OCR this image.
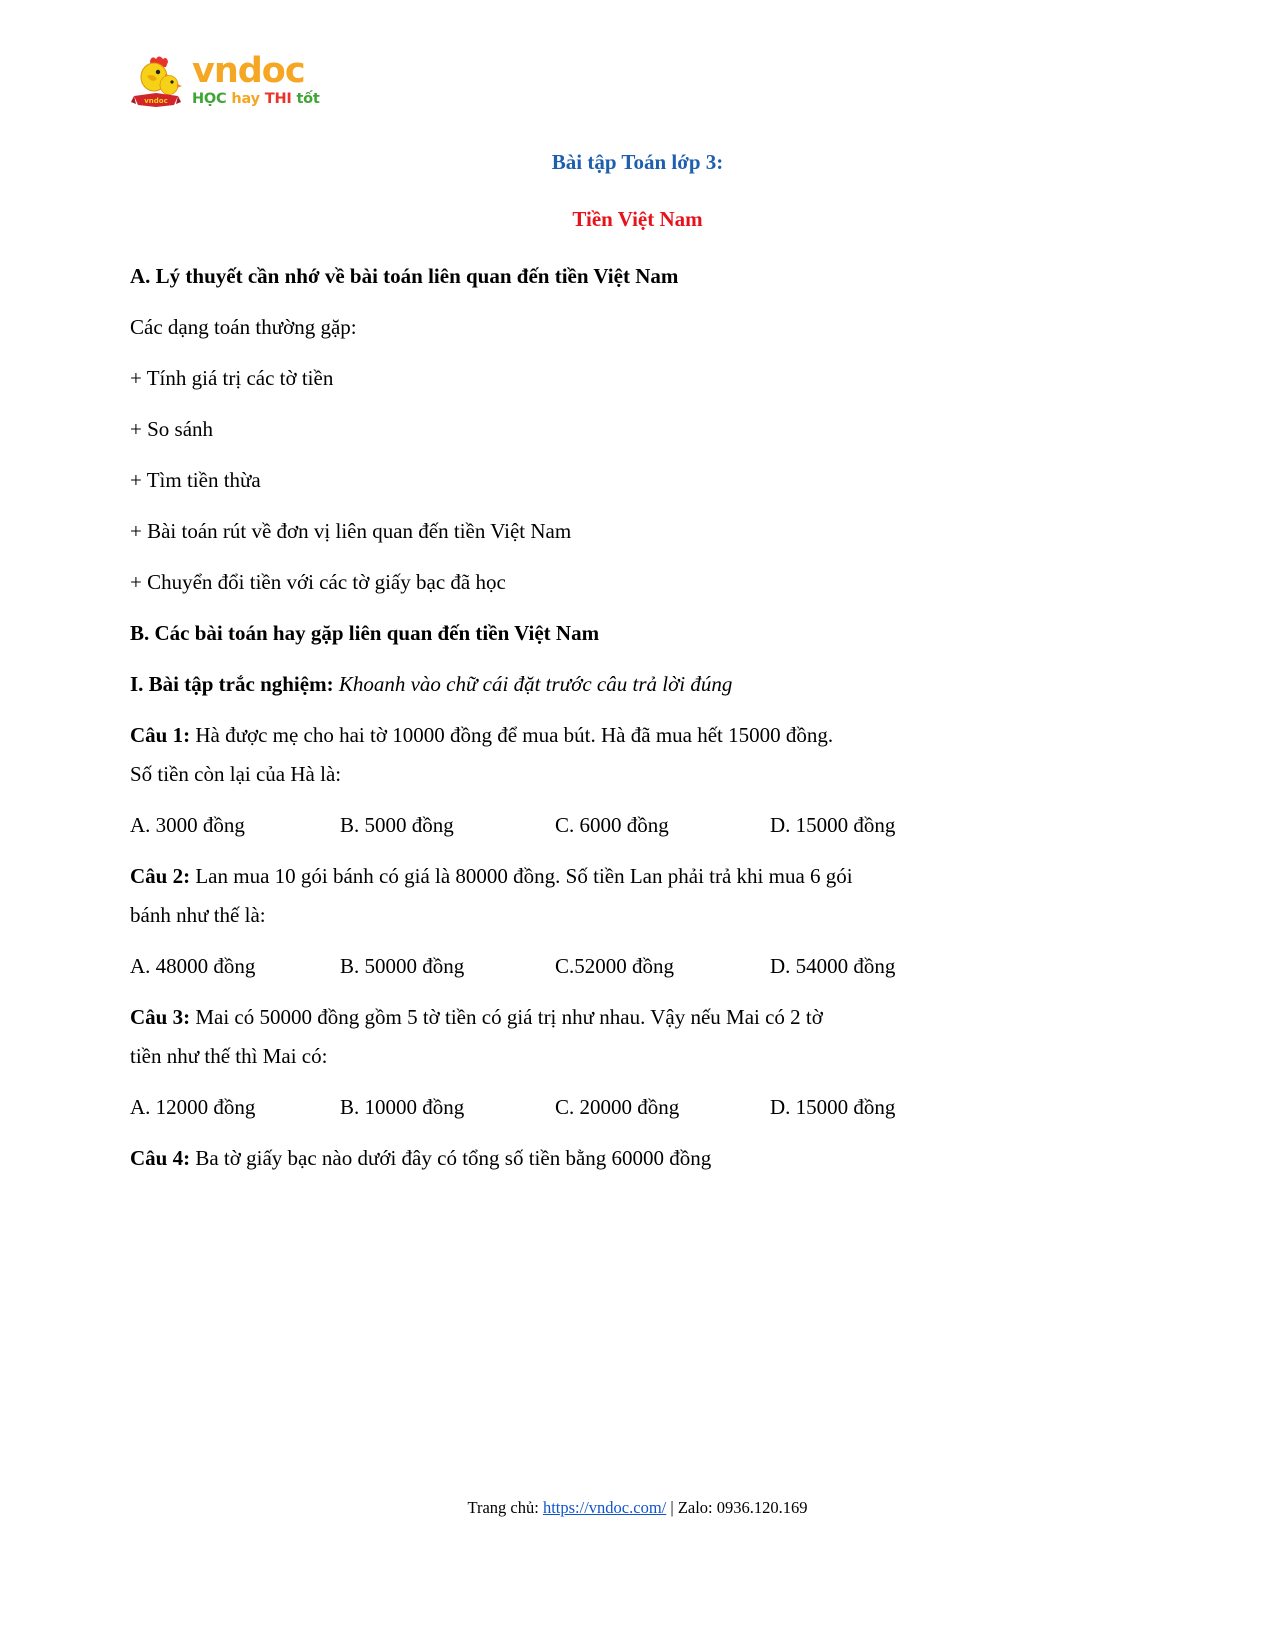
vndoc
vndoc
HỌC hay THI tốt
Bài tập Toán lớp 3:
Tiền Việt Nam

A. Lý thuyết cần nhớ về bài toán liên quan đến tiền Việt Nam

Các dạng toán thường gặp:

+ Tính giá trị các tờ tiền

+ So sánh

+ Tìm tiền thừa

+ Bài toán rút về đơn vị liên quan đến tiền Việt Nam

+ Chuyển đổi tiền với các tờ giấy bạc đã học

B. Các bài toán hay gặp liên quan đến tiền Việt Nam

I. Bài tập trắc nghiệm: Khoanh vào chữ cái đặt trước câu trả lời đúng

Câu 1: Hà được mẹ cho hai tờ 10000 đồng để mua bút. Hà đã mua hết 15000 đồng.

Số tiền còn lại của Hà là:

A. 3000 đồng	B. 5000 đồng	C. 6000 đồng	D. 15000 đồng

Câu 2: Lan mua 10 gói bánh có giá là 80000 đồng. Số tiền Lan phải trả khi mua 6 gói

bánh như thế là:

A. 48000 đồng	B. 50000 đồng	C.52000 đồng	D. 54000 đồng

Câu 3: Mai có 50000 đồng gồm 5 tờ tiền có giá trị như nhau. Vậy nếu Mai có 2 tờ

tiền như thế thì Mai có:

A. 12000 đồng	B. 10000 đồng	C. 20000 đồng	D. 15000 đồng

Câu 4: Ba tờ giấy bạc nào dưới đây có tổng số tiền bằng 60000 đồng

Trang chủ: https://vndoc.com/ | Zalo: 0936.120.169
